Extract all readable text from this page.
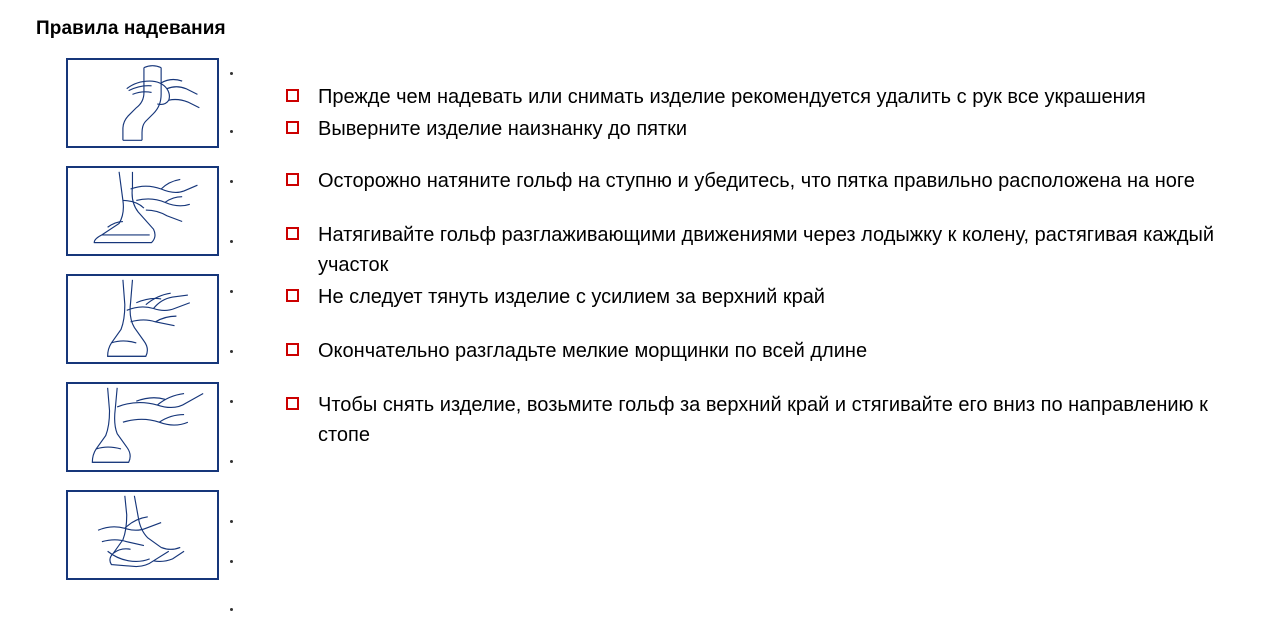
Правила надевания
Прежде чем надевать или снимать изделие рекомендуется удалить с рук все украшения
Выверните изделие наизнанку до пятки
Осторожно натяните гольф на ступню и убедитесь, что пятка правильно расположена на ноге
Натягивайте гольф разглаживающими движениями через лодыжку к колену, растягивая каждый участок
Не следует тянуть изделие с усилием за верхний край
Окончательно разгладьте мелкие морщинки по всей длине
Чтобы снять изделие, возьмите гольф за верхний край и стягивайте его вниз по направлению к стопе
